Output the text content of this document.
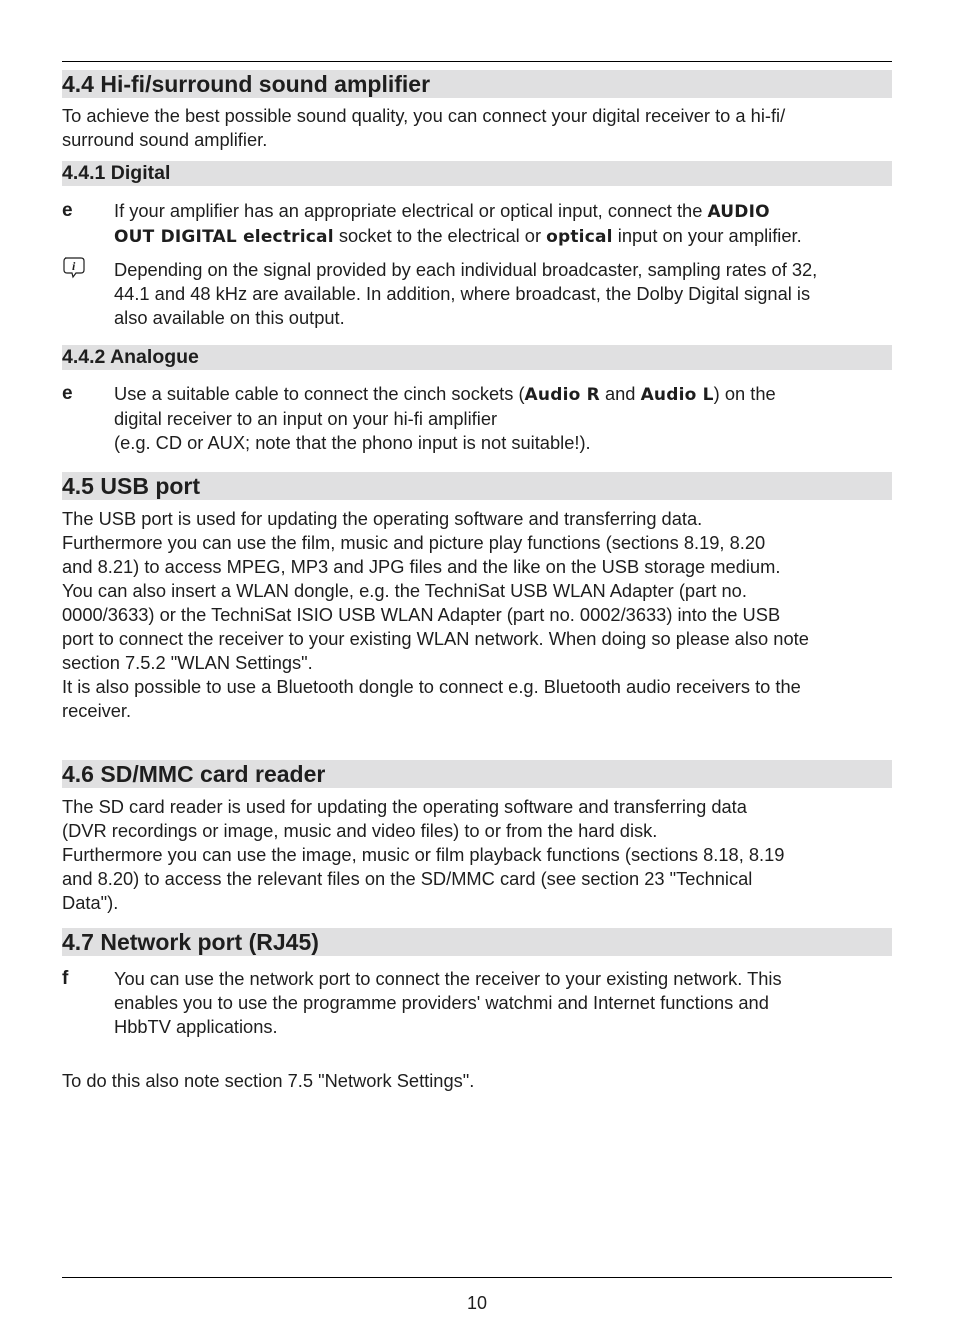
4.4 Hi-fi/surround sound amplifier
To achieve the best possible sound quality, you can connect your digital receiver to a hi-fi/
surround sound amplifier.
4.4.1 Digital
e	If your amplifier has an appropriate electrical or optical input, connect the AUDIO
OUT DIGITAL electrical socket to the electrical or optical input on your amplifier.
i Depending on the signal provided by each individual broadcaster, sampling rates of 32,
44.1 and 48 kHz are available. In addition, where broadcast, the Dolby Digital signal is
also available on this output.
4.4.2 Analogue
e	Use a suitable cable to connect the cinch sockets (Audio R and Audio L) on the
digital receiver to an input on your hi-fi amplifier
(e.g. CD or AUX; note that the phono input is not suitable!).
4.5 USB port
The USB port is used for updating the operating software and transferring data.
Furthermore you can use the film, music and picture play functions (sections 8.19, 8.20
and 8.21) to access MPEG, MP3 and JPG files and the like on the USB storage medium.
You can also insert a WLAN dongle, e.g. the TechniSat USB WLAN Adapter (part no.
0000/3633) or the TechniSat ISIO USB WLAN Adapter (part no. 0002/3633) into the USB
port to connect the receiver to your existing WLAN network. When doing so please also note
section 7.5.2 "WLAN Settings".
It is also possible to use a Bluetooth dongle to connect e.g. Bluetooth audio receivers to the
receiver.
4.6 SD/MMC card reader
The SD card reader is used for updating the operating software and transferring data
(DVR recordings or image, music and video files) to or from the hard disk.
Furthermore you can use the image, music or film playback functions (sections 8.18, 8.19
and 8.20) to access the relevant files on the SD/MMC card (see section 23 "Technical
Data").
4.7 Network port (RJ45)
f	You can use the network port to connect the receiver to your existing network. This
enables you to use the programme providers' watchmi and Internet functions and
HbbTV applications.
To do this also note section 7.5 "Network Settings".
10
